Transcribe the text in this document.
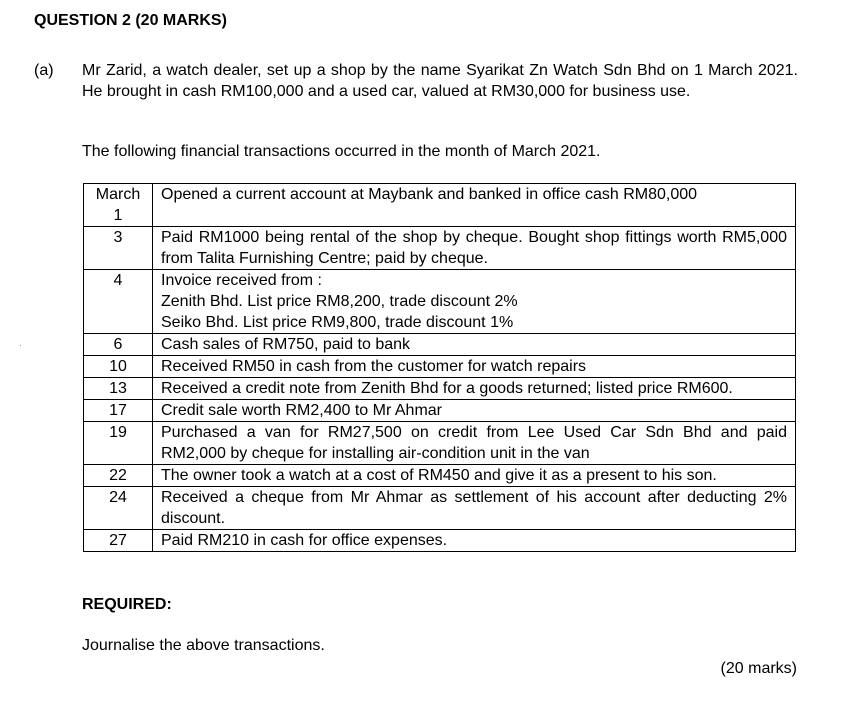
QUESTION 2 (20 MARKS)
(a) Mr Zarid, a watch dealer, set up a shop by the name Syarikat Zn Watch Sdn Bhd on 1 March 2021. He brought in cash RM100,000 and a used car, valued at RM30,000 for business use.
The following financial transactions occurred in the month of March 2021.
March
1	Opened a current account at Maybank and banked in office cash RM80,000

3	Paid RM1000 being rental of the shop by cheque. Bought shop fittings worth RM5,000 from Talita Furnishing Centre; paid by cheque.

4	Invoice received from :
Zenith Bhd. List price RM8,200, trade discount 2%
Seiko Bhd. List price RM9,800, trade discount 1%

6	Cash sales of RM750, paid to bank

10	Received RM50 in cash from the customer for watch repairs

13	Received a credit note from Zenith Bhd for a goods returned; listed price RM600.

17	Credit sale worth RM2,400 to Mr Ahmar

19	Purchased a van for RM27,500 on credit from Lee Used Car Sdn Bhd and paid RM2,000 by cheque for installing air-condition unit in the van

22	The owner took a watch at a cost of RM450 and give it as a present to his son.

24	Received a cheque from Mr Ahmar as settlement of his account after deducting 2% discount.

27	Paid RM210 in cash for office expenses.
REQUIRED:
Journalise the above transactions.
(20 marks)
